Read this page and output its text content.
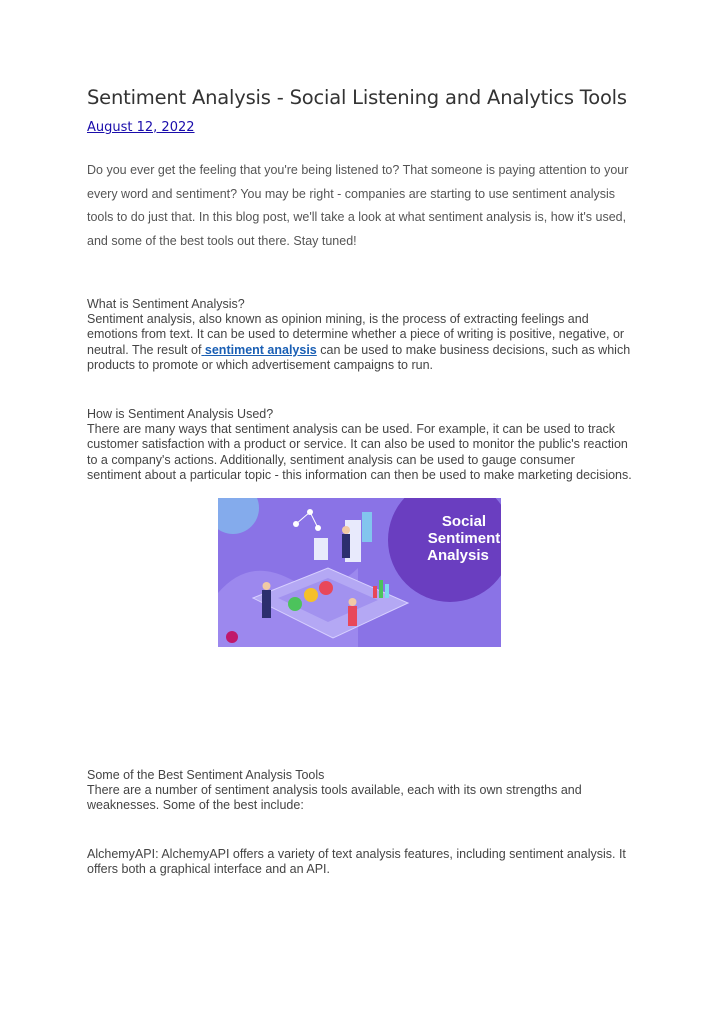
Sentiment Analysis - Social Listening and Analytics Tools
August 12, 2022

Do you ever get the feeling that you're being listened to? That someone is paying attention to your every word and sentiment? You may be right - companies are starting to use sentiment analysis tools to do just that. In this blog post, we'll take a look at what sentiment analysis is, how it's used, and some of the best tools out there. Stay tuned!

What is Sentiment Analysis?
Sentiment analysis, also known as opinion mining, is the process of extracting feelings and emotions from text. It can be used to determine whether a piece of writing is positive, negative, or neutral. The result of sentiment analysis can be used to make business decisions, such as which products to promote or which advertisement campaigns to run.

How is Sentiment Analysis Used?
There are many ways that sentiment analysis can be used. For example, it can be used to track customer satisfaction with a product or service. It can also be used to monitor the public's reaction to a company's actions. Additionally, sentiment analysis can be used to gauge consumer sentiment about a particular topic - this information can then be used to make marketing decisions.

Social
Sentiment
Analysis

Some of the Best Sentiment Analysis Tools
There are a number of sentiment analysis tools available, each with its own strengths and weaknesses. Some of the best include:

AlchemyAPI: AlchemyAPI offers a variety of text analysis features, including sentiment analysis. It offers both a graphical interface and an API.
